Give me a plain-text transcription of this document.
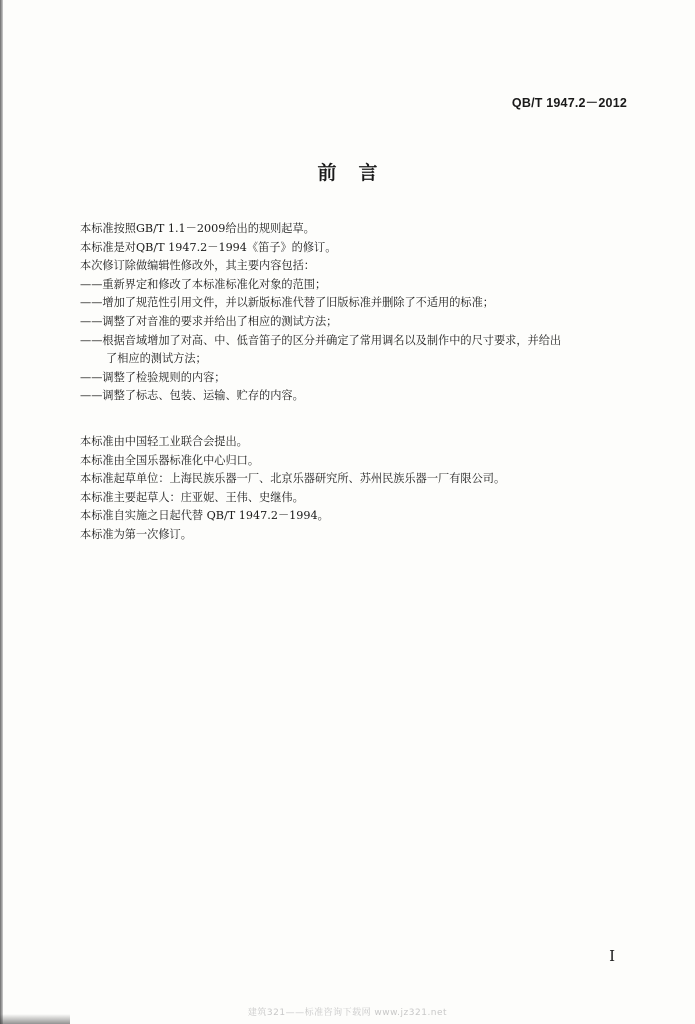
QB/T 1947.2－2012
前言

本标准按照GB/T 1.1－2009给出的规则起草。

本标准是对QB/T 1947.2－1994《笛子》的修订。

本次修订除做编辑性修改外，其主要内容包括：

——重新界定和修改了本标准标准化对象的范围；

——增加了规范性引用文件，并以新版标准代替了旧版标准并删除了不适用的标准；

——调整了对音准的要求并给出了相应的测试方法；

——根据音域增加了对高、中、低音笛子的区分并确定了常用调名以及制作中的尺寸要求，并给出

了相应的测试方法；

——调整了检验规则的内容；

——调整了标志、包装、运输、贮存的内容。

本标准由中国轻工业联合会提出。

本标准由全国乐器标准化中心归口。

本标准起草单位：上海民族乐器一厂、北京乐器研究所、苏州民族乐器一厂有限公司。

本标准主要起草人：庄亚妮、王伟、史继伟。

本标准自实施之日起代替 QB/T 1947.2－1994。

本标准为第一次修订。

I
建筑321——标准咨询下载网 www.jz321.net
